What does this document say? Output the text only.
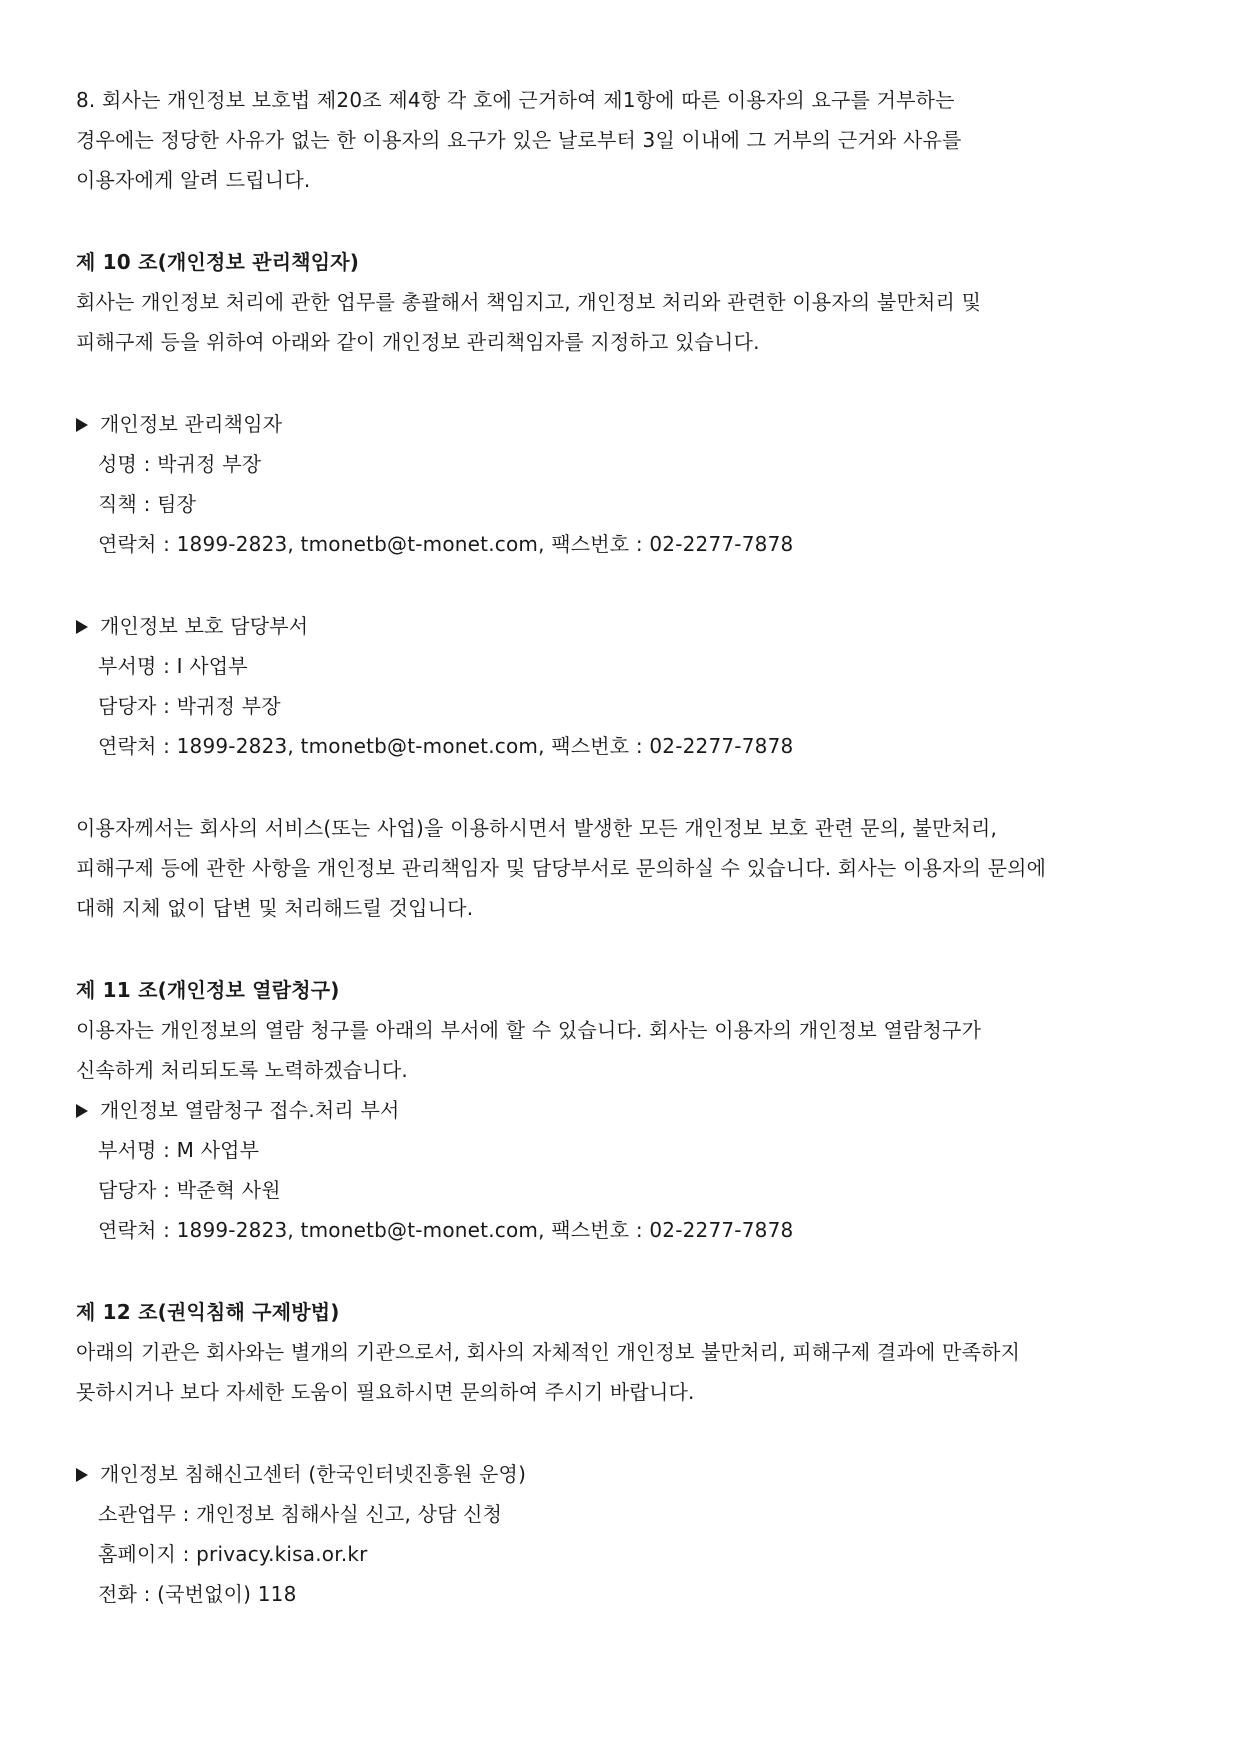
8. 회사는 개인정보 보호법 제20조 제4항 각 호에 근거하여 제1항에 따른 이용자의 요구를 거부하는
경우에는 정당한 사유가 없는 한 이용자의 요구가 있은 날로부터 3일 이내에 그 거부의 근거와 사유를
이용자에게 알려 드립니다.
제 10 조(개인정보 관리책임자)
회사는 개인정보 처리에 관한 업무를 총괄해서 책임지고, 개인정보 처리와 관련한 이용자의 불만처리 및
피해구제 등을 위하여 아래와 같이 개인정보 관리책임자를 지정하고 있습니다.
개인정보 관리책임자
성명 : 박귀정 부장
직책 : 팀장
연락처 : 1899-2823, tmonetb@t-monet.com, 팩스번호 : 02-2277-7878
개인정보 보호 담당부서
부서명 : I 사업부
담당자 : 박귀정 부장
연락처 : 1899-2823, tmonetb@t-monet.com, 팩스번호 : 02-2277-7878
이용자께서는 회사의 서비스(또는 사업)을 이용하시면서 발생한 모든 개인정보 보호 관련 문의, 불만처리,
피해구제 등에 관한 사항을 개인정보 관리책임자 및 담당부서로 문의하실 수 있습니다. 회사는 이용자의 문의에
대해 지체 없이 답변 및 처리해드릴 것입니다.
제 11 조(개인정보 열람청구)
이용자는 개인정보의 열람 청구를 아래의 부서에 할 수 있습니다. 회사는 이용자의 개인정보 열람청구가
신속하게 처리되도록 노력하겠습니다.
개인정보 열람청구 접수.처리 부서
부서명 : M 사업부
담당자 : 박준혁 사원
연락처 : 1899-2823, tmonetb@t-monet.com, 팩스번호 : 02-2277-7878
제 12 조(권익침해 구제방법)
아래의 기관은 회사와는 별개의 기관으로서, 회사의 자체적인 개인정보 불만처리, 피해구제 결과에 만족하지
못하시거나 보다 자세한 도움이 필요하시면 문의하여 주시기 바랍니다.
개인정보 침해신고센터 (한국인터넷진흥원 운영)
소관업무 : 개인정보 침해사실 신고, 상담 신청
홈페이지 : privacy.kisa.or.kr
전화 : (국번없이) 118
